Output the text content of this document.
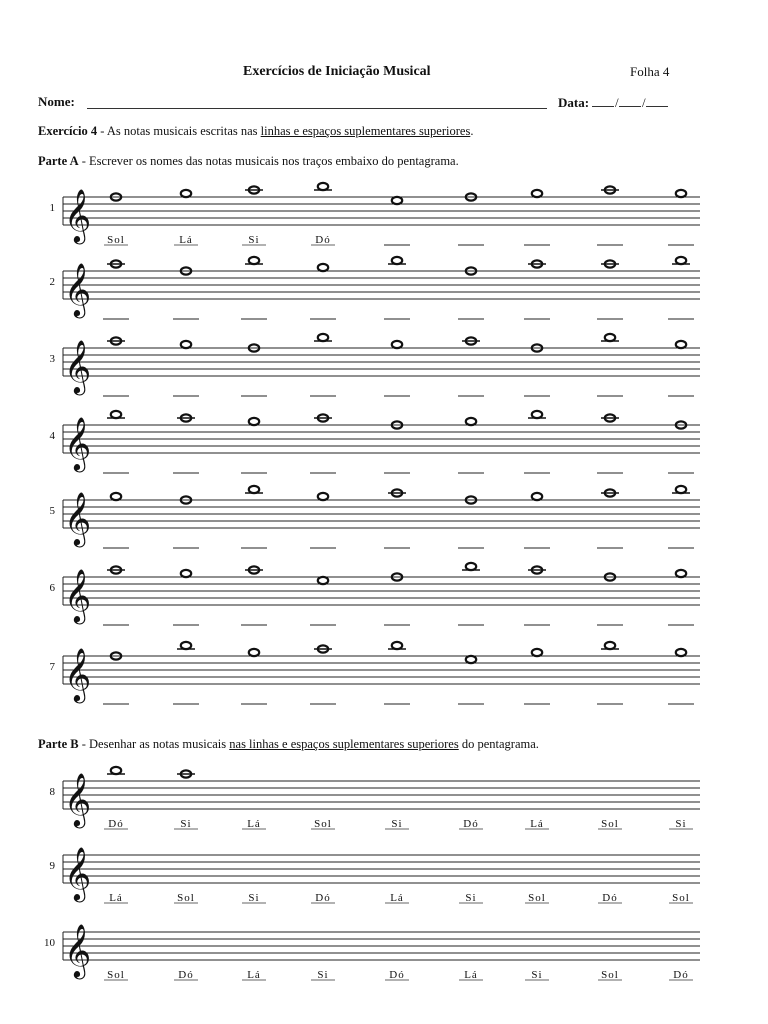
Exercícios de Iniciação Musical	Folha 4
Nome:	Data: / /
Exercício 4 - As notas musicais escritas nas linhas e espaços suplementares superiores.
Parte A - Escrever os nomes das notas musicais nos traços embaixo do pentagrama.
Parte B - Desenhar as notas musicais nas linhas e espaços suplementares superiores do pentagrama.
1 𝄞 Sol	Lá	Si	Dó
2 𝄞
3 𝄞
4 𝄞
5 𝄞
6 𝄞
7 𝄞
8 𝄞 Dó	Si	Lá	Sol	Si	Dó	Lá	Sol	Si
9 𝄞 Lá	Sol	Si	Dó	Lá	Si	Sol	Dó	Sol
10 𝄞 Sol	Dó	Lá	Si	Dó	Lá	Si	Sol	Dó
